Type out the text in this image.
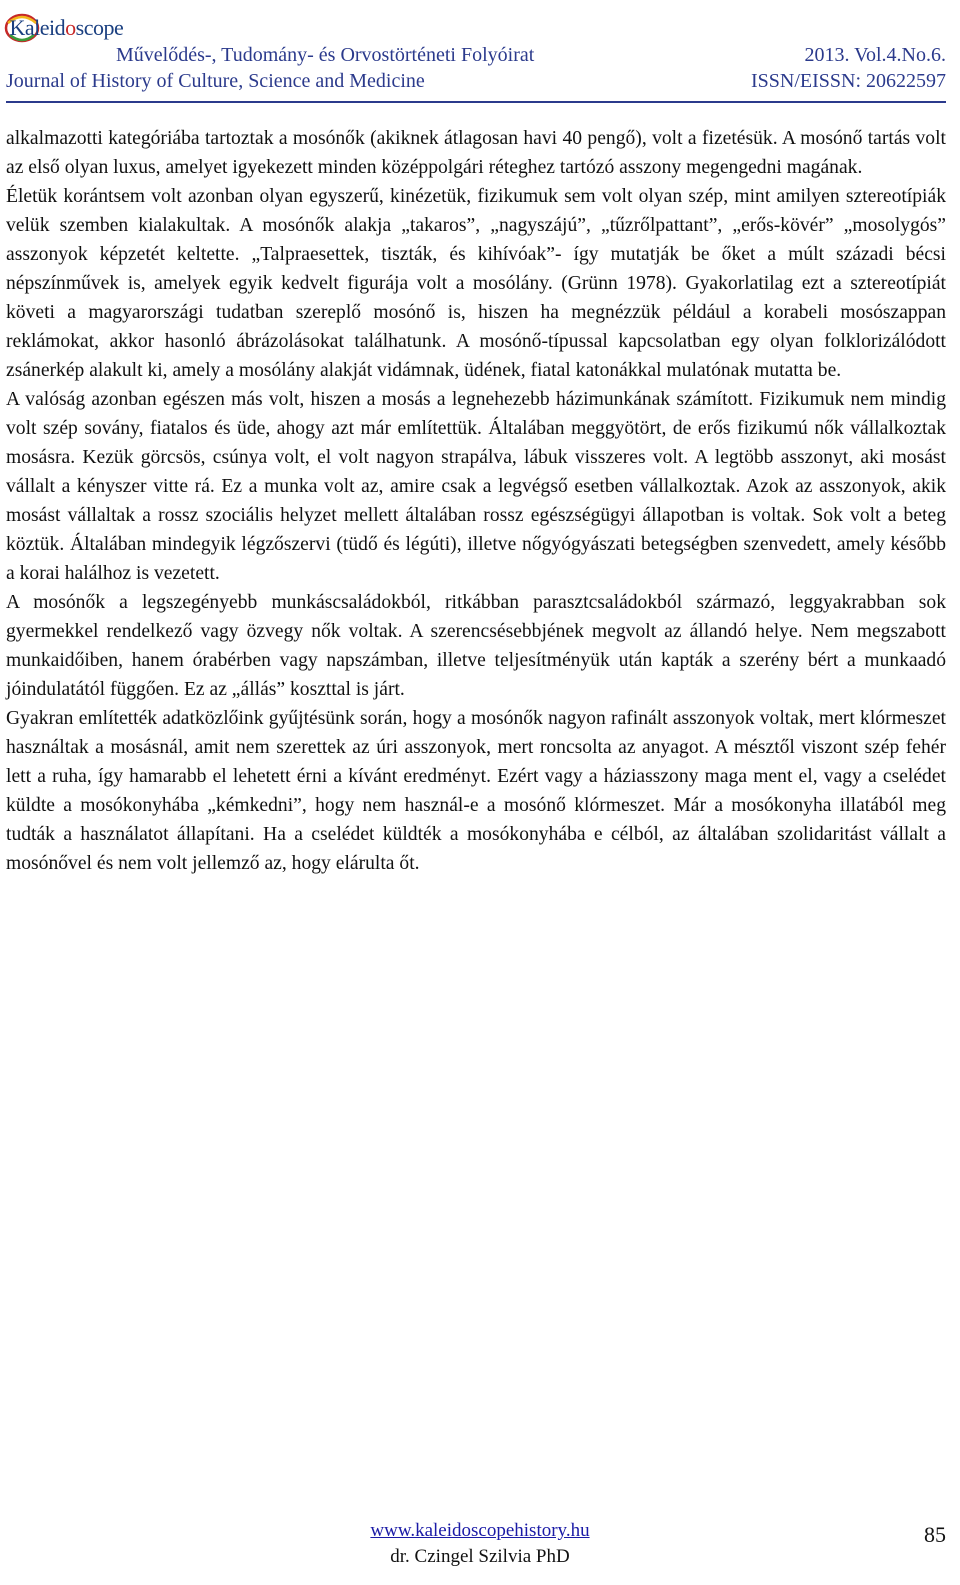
Kaleidoscope
Művelődés-, Tudomány- és Orvostörténeti Folyóirat	2013. Vol.4.No.6.
Journal of History of Culture, Science and Medicine	ISSN/EISSN: 20622597

alkalmazotti kategóriába tartoztak a mosónők (akiknek átlagosan havi 40 pengő), volt a fizetésük. A mosónő tartás volt az első olyan luxus, amelyet igyekezett minden középpolgári réteghez tartózó asszony megengedni magának.

Életük korántsem volt azonban olyan egyszerű, kinézetük, fizikumuk sem volt olyan szép, mint amilyen sztereotípiák velük szemben kialakultak. A mosónők alakja „takaros”, „nagyszájú”, „tűzrőlpattant”, „erős-kövér” „mosolygós” asszonyok képzetét keltette. „Talpraesettek, tiszták, és kihívóak”- így mutatják be őket a múlt századi bécsi népszínművek is, amelyek egyik kedvelt figurája volt a mosólány. (Grünn 1978). Gyakorlatilag ezt a sztereotípiát követi a magyarországi tudatban szereplő mosónő is, hiszen ha megnézzük például a korabeli mosószappan reklámokat, akkor hasonló ábrázolásokat találhatunk. A mosónő-típussal kapcsolatban egy olyan folklorizálódott zsánerkép alakult ki, amely a mosólány alakját vidámnak, üdének, fiatal katonákkal mulatónak mutatta be.

A valóság azonban egészen más volt, hiszen a mosás a legnehezebb házimunkának számított. Fizikumuk nem mindig volt szép sovány, fiatalos és üde, ahogy azt már említettük. Általában meggyötört, de erős fizikumú nők vállalkoztak mosásra. Kezük görcsös, csúnya volt, el volt nagyon strapálva, lábuk visszeres volt. A legtöbb asszonyt, aki mosást vállalt a kényszer vitte rá. Ez a munka volt az, amire csak a legvégső esetben vállalkoztak. Azok az asszonyok, akik mosást vállaltak a rossz szociális helyzet mellett általában rossz egészségügyi állapotban is voltak. Sok volt a beteg köztük. Általában mindegyik légzőszervi (tüdő és légúti), illetve nőgyógyászati betegségben szenvedett, amely később a korai halálhoz is vezetett.

A mosónők a legszegényebb munkáscsaládokból, ritkábban parasztcsaládokból származó, leggyakrabban sok gyermekkel rendelkező vagy özvegy nők voltak. A szerencsésebbjének megvolt az állandó helye. Nem megszabott munkaidőiben, hanem órabérben vagy napszámban, illetve teljesítményük után kapták a szerény bért a munkaadó jóindulatától függően. Ez az „állás” koszttal is járt.

Gyakran említették adatközlőink gyűjtésünk során, hogy a mosónők nagyon rafinált asszonyok voltak, mert klórmeszet használtak a mosásnál, amit nem szerettek az úri asszonyok, mert roncsolta az anyagot. A mésztől viszont szép fehér lett a ruha, így hamarabb el lehetett érni a kívánt eredményt. Ezért vagy a háziasszony maga ment el, vagy a cselédet küldte a mosókonyhába „kémkedni”, hogy nem használ-e a mosónő klórmeszet. Már a mosókonyha illatából meg tudták a használatot állapítani. Ha a cselédet küldték a mosókonyhába e célból, az általában szolidaritást vállalt a mosónővel és nem volt jellemző az, hogy elárulta őt.

www.kaleidoscopehistory.hu
dr. Czingel Szilvia PhD
85
